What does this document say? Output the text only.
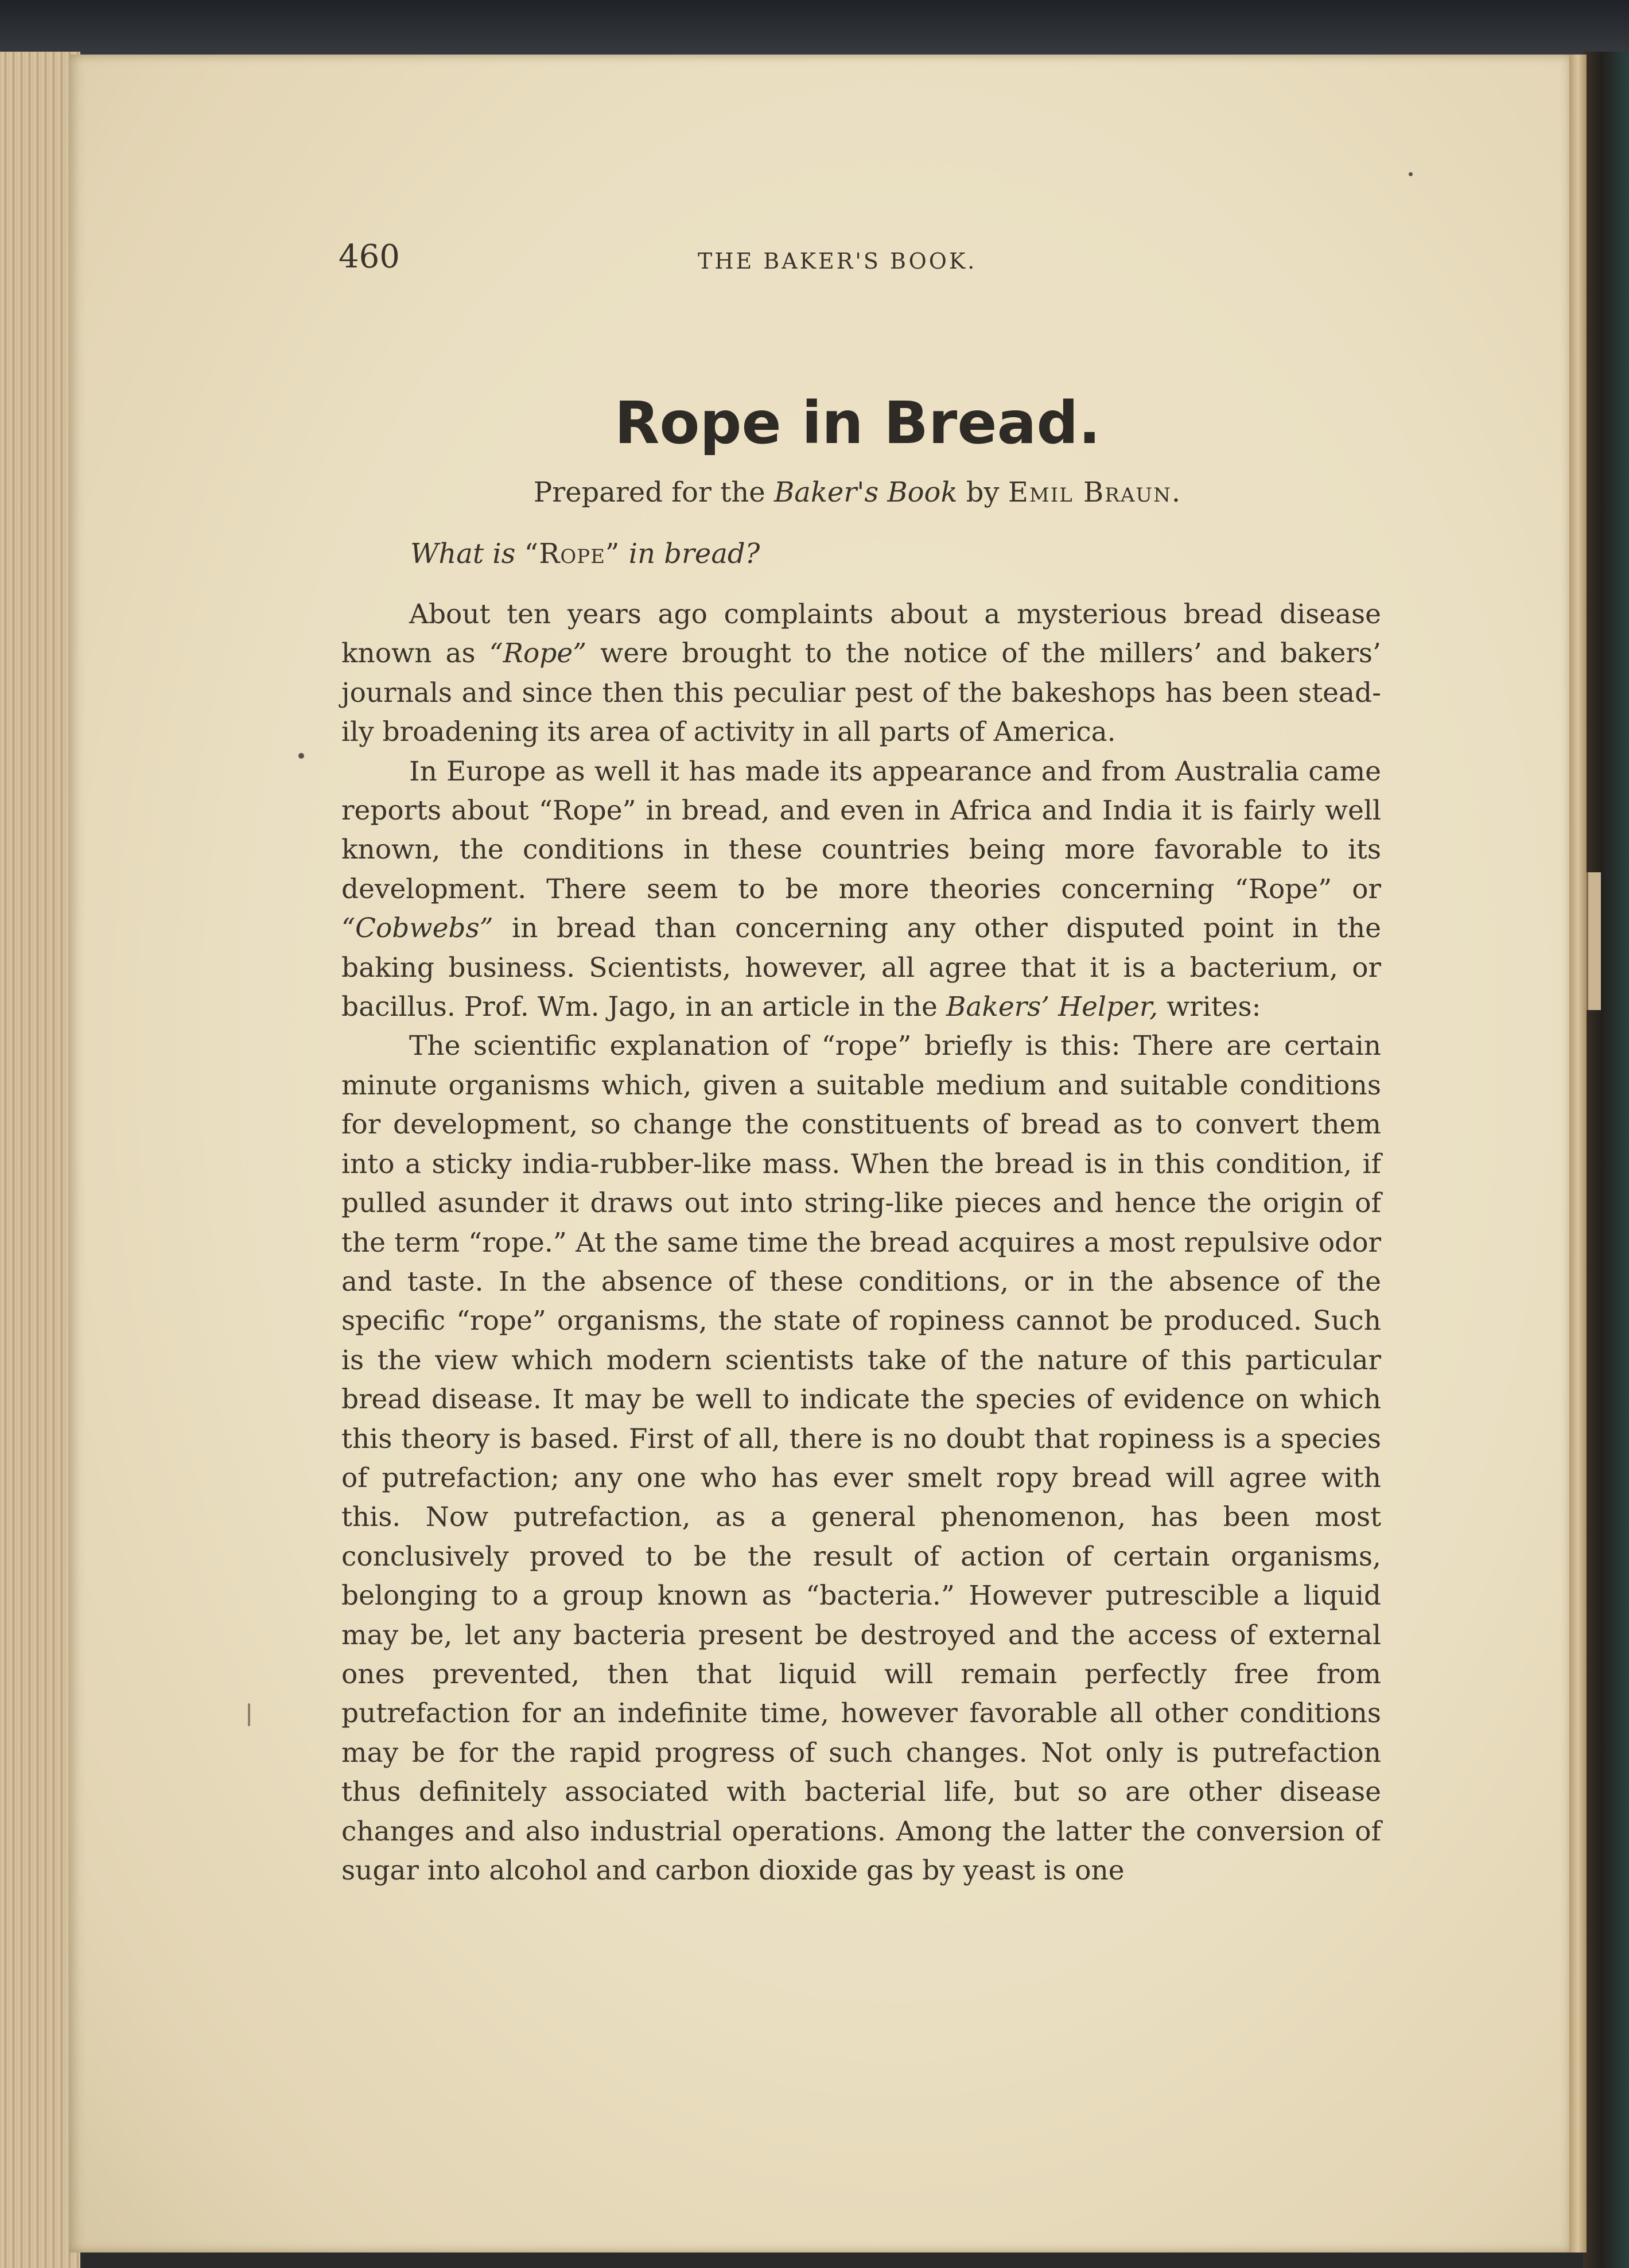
460	THE BAKER'S BOOK.
Rope in Bread.
Prepared for the Baker's Book by Emil Braun.
What is “Rope” in bread?

About ten years ago complaints about a mysterious bread disease known as “Rope” were brought to the notice of the millers’ and bakers’ journals and since then this peculiar pest of the bakeshops has been steadily broadening its area of activity in all parts of America.

In Europe as well it has made its appearance and from Australia came reports about “Rope” in bread, and even in Africa and India it is fairly well known, the conditions in these countries being more favorable to its development. There seem to be more theories concerning “Rope” or “Cobwebs” in bread than concerning any other disputed point in the baking business. Scientists, however, all agree that it is a bacterium, or bacillus. Prof. Wm. Jago, in an article in the Bakers’ Helper, writes:

The scientific explanation of “rope” briefly is this: There are certain minute organisms which, given a suitable medium and suitable conditions for development, so change the constituents of bread as to convert them into a sticky india-rubber-like mass. When the bread is in this condition, if pulled asunder it draws out into string-like pieces and hence the origin of the term “rope.” At the same time the bread acquires a most repulsive odor and taste. In the absence of these conditions, or in the absence of the specific “rope” organisms, the state of ropiness cannot be produced. Such is the view which modern scientists take of the nature of this particular bread disease. It may be well to indicate the species of evidence on which this theory is based. First of all, there is no doubt that ropiness is a species of putrefaction; any one who has ever smelt ropy bread will agree with this. Now putrefaction, as a general phenomenon, has been most conclusively proved to be the result of action of certain organisms, belonging to a group known as “bacteria.” However putrescible a liquid may be, let any bacteria present be destroyed and the access of external ones prevented, then that liquid will remain perfectly free from putrefaction for an indefinite time, however favorable all other conditions may be for the rapid progress of such changes. Not only is putrefaction thus definitely associated with bacterial life, but so are other disease changes and also industrial operations. Among the latter the conversion of sugar into alcohol and carbon dioxide gas by yeast is one
